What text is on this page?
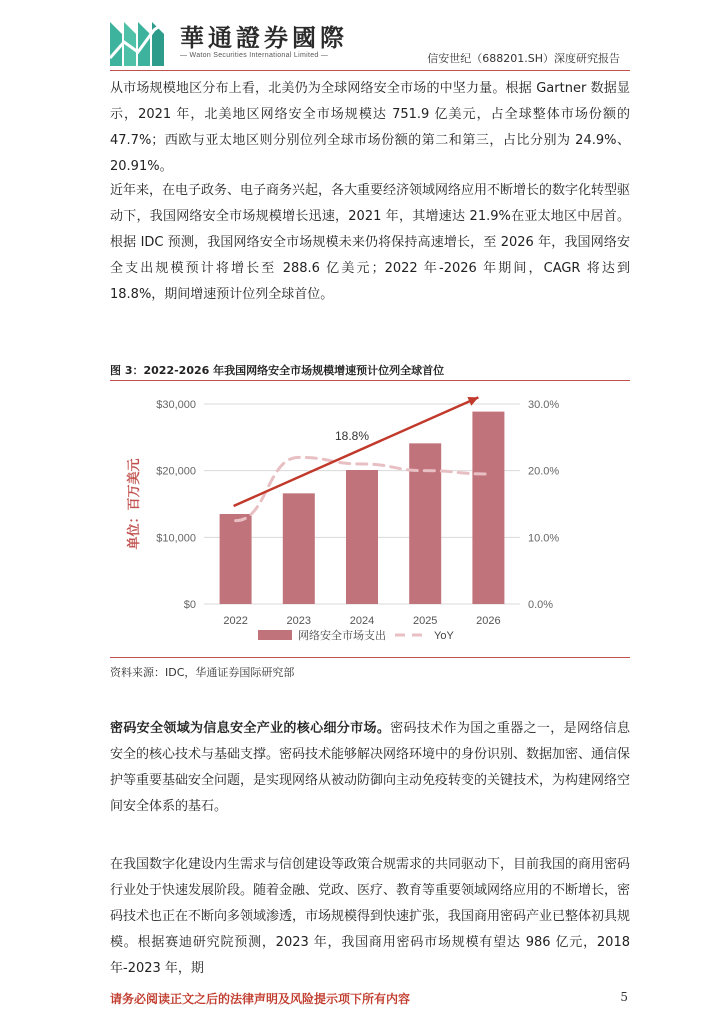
華通證券國際
— Waton Securities International Limited —	信安世纪（688201.SH）深度研究报告
从市场规模地区分布上看，北美仍为全球网络安全市场的中坚力量。根据 Gartner 数据显示，2021 年，北美地区网络安全市场规模达 751.9 亿美元，占全球整体市场份额的 47.7%；西欧与亚太地区则分别位列全球市场份额的第二和第三，占比分别为 24.9%、20.91%。
近年来，在电子政务、电子商务兴起，各大重要经济领域网络应用不断增长的数字化转型驱动下，我国网络安全市场规模增长迅速，2021 年，其增速达 21.9%在亚太地区中居首。根据 IDC 预测，我国网络安全市场规模未来仍将保持高速增长，至 2026 年，我国网络安全支出规模预计将增长至 288.6 亿美元；2022 年-2026 年期间，CAGR 将达到 18.8%，期间增速预计位列全球首位。
图 3：2022-2026 年我国网络安全市场规模增速预计位列全球首位
$0
$10,000
$20,000
$30,000
0.0%
10.0%
20.0%
30.0%
单位：百万美元
2022	2023	2024	2025	2026
18.8%
网络安全市场支出	YoY
资料来源：IDC，华通证券国际研究部
密码安全领域为信息安全产业的核心细分市场。密码技术作为国之重器之一，是网络信息安全的核心技术与基础支撑。密码技术能够解决网络环境中的身份识别、数据加密、通信保护等重要基础安全问题，是实现网络从被动防御向主动免疫转变的关键技术，为构建网络空间安全体系的基石。
在我国数字化建设内生需求与信创建设等政策合规需求的共同驱动下，目前我国的商用密码行业处于快速发展阶段。随着金融、党政、医疗、教育等重要领域网络应用的不断增长，密码技术也正在不断向多领域渗透，市场规模得到快速扩张，我国商用密码产业已整体初具规模。根据赛迪研究院预测，2023 年，我国商用密码市场规模有望达 986 亿元，2018 年-2023 年，期
请务必阅读正文之后的法律声明及风险提示项下所有内容	5
